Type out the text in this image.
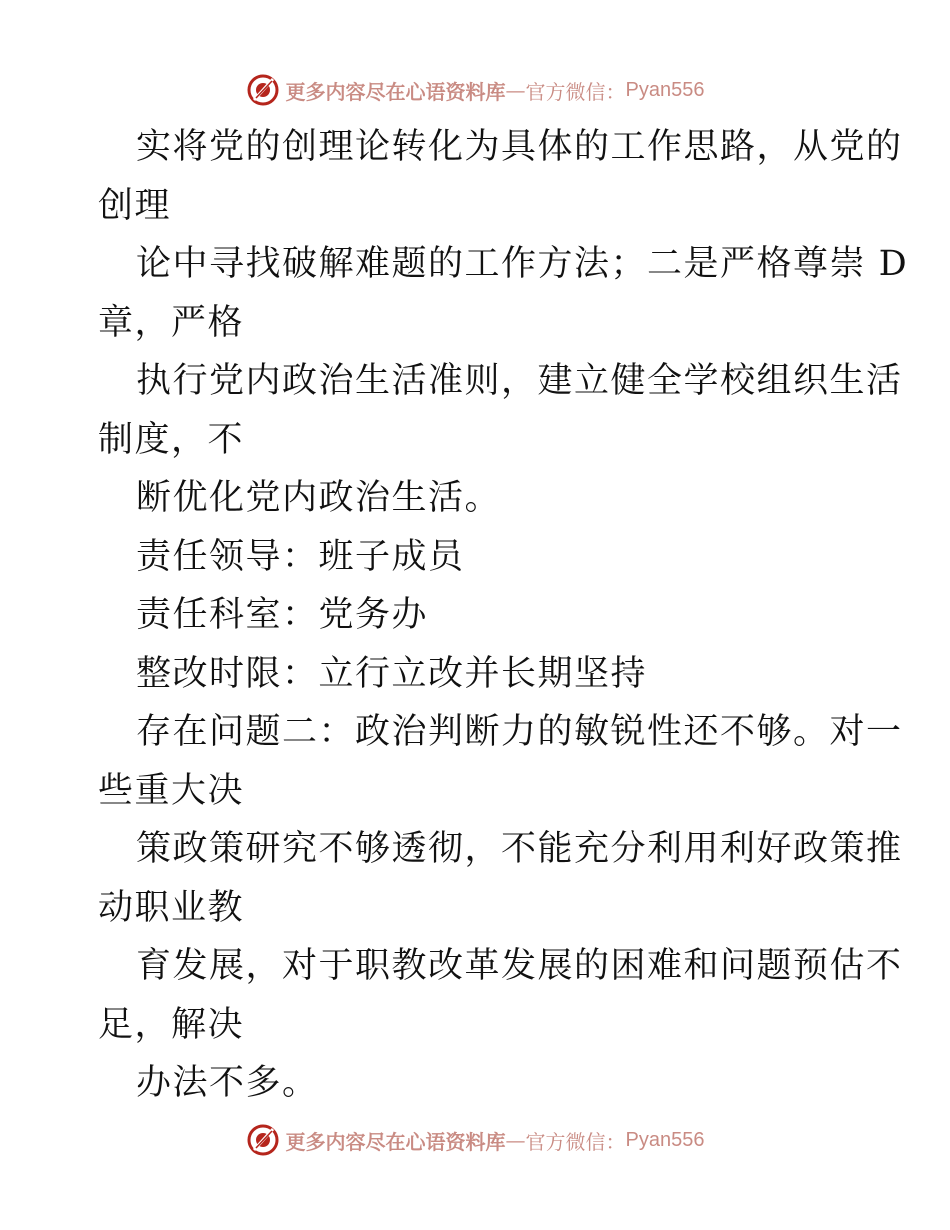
更多内容尽在心语资料库 — 官方微信： Pyan556
实将党的创理论转化为具体的工作思路，从党的
创理
论中寻找破解难题的工作方法；二是严格尊崇 D
章，严格
执行党内政治生活准则，建立健全学校组织生活
制度，不
断优化党内政治生活。
责任领导：班子成员
责任科室：党务办
整改时限：立行立改并长期坚持
存在问题二：政治判断力的敏锐性还不够。对一
些重大决
策政策研究不够透彻，不能充分利用利好政策推
动职业教
育发展，对于职教改革发展的困难和问题预估不
足，解决
办法不多。
更多内容尽在心语资料库 — 官方微信： Pyan556
